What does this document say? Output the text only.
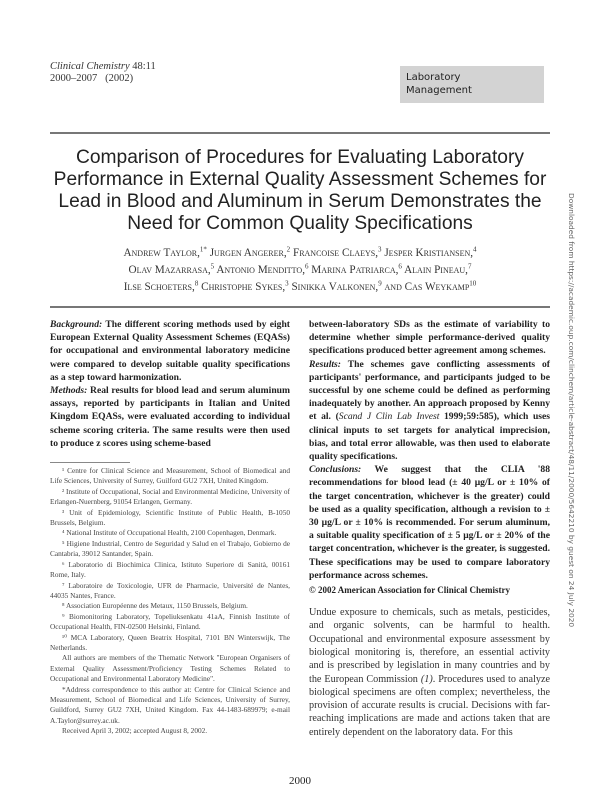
Clinical Chemistry 48:11
2000–2007   (2002)	Laboratory
Management
Comparison of Procedures for Evaluating Laboratory Performance in External Quality Assessment Schemes for Lead in Blood and Aluminum in Serum Demonstrates the Need for Common Quality Specifications
Andrew Taylor,$^{1*}$ Jurgen Angerer,$^2$ Francoise Claeys,$^3$ Jesper Kristiansen,$^4$
Olav Mazarrasa,$^5$ Antonio Menditto,$^6$ Marina Patriarca,$^6$ Alain Pineau,$^7$
Ilse Schoeters,$^8$ Christophe Sykes,$^3$ Sinikka Valkonen,$^9$ and Cas Weykamp$^{10}$

Background: The different scoring methods used by eight European External Quality Assessment Schemes (EQASs) for occupational and environmental laboratory medicine were compared to develop suitable quality specifications as a step toward harmonization.

Methods: Real results for blood lead and serum aluminum assays, reported by participants in Italian and United Kingdom EQASs, were evaluated according to individual scheme scoring criteria. The same results were then used to produce z scores using scheme-based

¹ Centre for Clinical Science and Measurement, School of Biomedical and Life Sciences, University of Surrey, Guilford GU2 7XH, United Kingdom.

² Institute of Occupational, Social and Environmental Medicine, University of Erlangen-Nuernberg, 91054 Erlangen, Germany.

³ Unit of Epidemiology, Scientific Institute of Public Health, B-1050 Brussels, Belgium.

⁴ National Institute of Occupational Health, 2100 Copenhagen, Denmark.

⁵ Higiene Industrial, Centro de Seguridad y Salud en el Trabajo, Gobierno de Cantabria, 39012 Santander, Spain.

⁶ Laboratorio di Biochimica Clinica, Istituto Superiore di Sanità, 00161 Rome, Italy.

⁷ Laboratoire de Toxicologie, UFR de Pharmacie, Université de Nantes, 44035 Nantes, France.

⁸ Association Européenne des Metaux, 1150 Brussels, Belgium.

⁹ Biomonitoring Laboratory, Topeliuksenkatu 41aA, Finnish Institute of Occupational Health, FIN-02500 Helsinki, Finland.

¹⁰ MCA Laboratory, Queen Beatrix Hospital, 7101 BN Winterswijk, The Netherlands.

All authors are members of the Thematic Network "European Organisers of External Quality Assessment/Proficiency Testing Schemes Related to Occupational and Environmental Laboratory Medicine".

*Address correspondence to this author at: Centre for Clinical Science and Measurement, School of Biomedical and Life Sciences, University of Surrey, Guildford, Surrey GU2 7XH, United Kingdom. Fax 44-1483-689979; e-mail A.Taylor@surrey.ac.uk.

Received April 3, 2002; accepted August 8, 2002.

between-laboratory SDs as the estimate of variability to determine whether simple performance-derived quality specifications produced better agreement among schemes.

Results: The schemes gave conflicting assessments of participants' performance, and participants judged to be successful by one scheme could be defined as performing inadequately by another. An approach proposed by Kenny et al. (Scand J Clin Lab Invest 1999;59:585), which uses clinical inputs to set targets for analytical imprecision, bias, and total error allowable, was then used to elaborate quality specifications.

Conclusions: We suggest that the CLIA '88 recommendations for blood lead (± 40 μg/L or ± 10% of the target concentration, whichever is the greater) could be used as a quality specification, although a revision to ± 30 μg/L or ± 10% is recommended. For serum aluminum, a suitable quality specification of ± 5 μg/L or ± 20% of the target concentration, whichever is the greater, is suggested. These specifications may be used to compare laboratory performance across schemes.

© 2002 American Association for Clinical Chemistry

Undue exposure to chemicals, such as metals, pesticides, and organic solvents, can be harmful to health. Occupational and environmental exposure assessment by biological monitoring is, therefore, an essential activity and is prescribed by legislation in many countries and by the European Commission (1). Procedures used to analyze biological specimens are often complex; nevertheless, the provision of accurate results is crucial. Decisions with far-reaching implications are made and actions taken that are entirely dependent on the laboratory data. For this

2000
Downloaded from https://academic.oup.com/clinchem/article-abstract/48/11/2000/5642210 by guest on 24 July 2020
